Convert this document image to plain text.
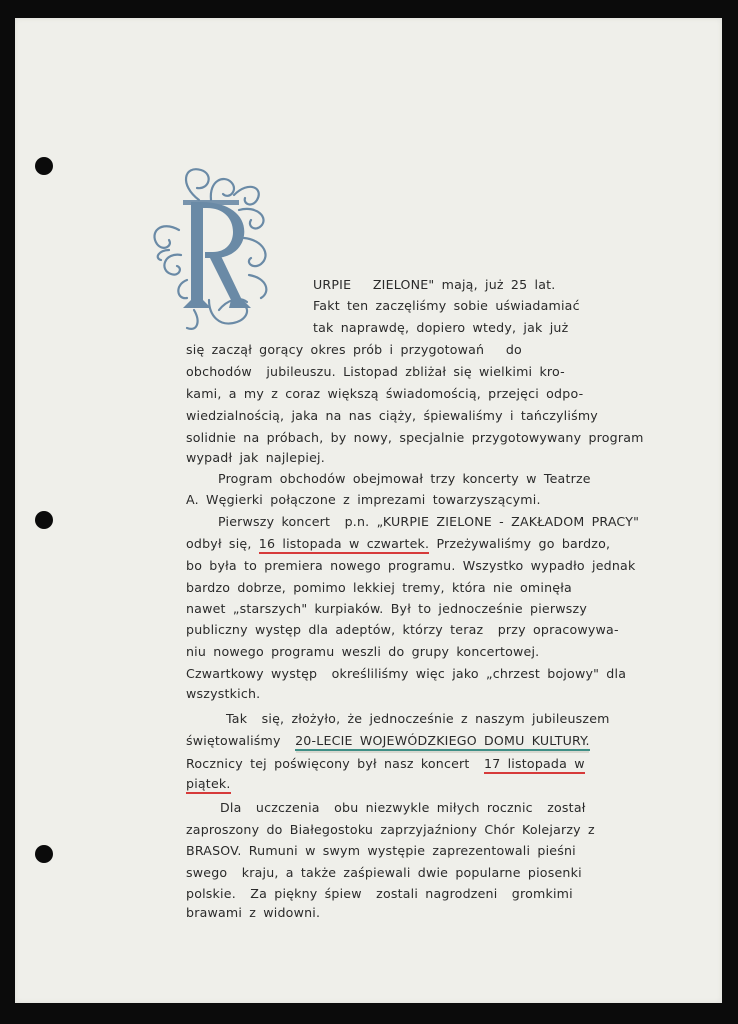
URPIE   ZIELONE" mają, już 25 lat.
Fakt ten zaczęliśmy sobie uświadamiać
tak naprawdę, dopiero wtedy, jak już
się zaczął gorący okres prób i przygotowań   do
obchodów  jubileuszu. Listopad zbliżał się wielkimi kro-
kami, a my z coraz większą świadomością, przejęci odpo-
wiedzialnością, jaka na nas ciąży, śpiewaliśmy i tańczyliśmy
solidnie na próbach, by nowy, specjalnie przygotowywany program
wypadł jak najlepiej.
Program obchodów obejmował trzy koncerty w Teatrze
A. Węgierki połączone z imprezami towarzyszącymi.
Pierwszy koncert  p.n. „KURPIE ZIELONE - ZAKŁADOM PRACY"
odbył się, 16 listopada w czwartek. Przeżywaliśmy go bardzo,
bo była to premiera nowego programu. Wszystko wypadło jednak
bardzo dobrze, pomimo lekkiej tremy, która nie ominęła
nawet „starszych" kurpiaków. Był to jednocześnie pierwszy
publiczny występ dla adeptów, którzy teraz  przy opracowywa-
niu nowego programu weszli do grupy koncertowej.
Czwartkowy występ  określiliśmy więc jako „chrzest bojowy" dla
wszystkich.
Tak  się, złożyło, że jednocześnie z naszym jubileuszem
świętowaliśmy  20-LECIE WOJEWÓDZKIEGO DOMU KULTURY.
Rocznicy tej poświęcony był nasz koncert  17 listopada w
piątek.
Dla  uczczenia  obu niezwykle miłych rocznic  został
zaproszony do Białegostoku zaprzyjaźniony Chór Kolejarzy z
BRASOV. Rumuni w swym występie zaprezentowali pieśni
swego  kraju, a także zaśpiewali dwie popularne piosenki
polskie.  Za piękny śpiew  zostali nagrodzeni  gromkimi
brawami z widowni.
